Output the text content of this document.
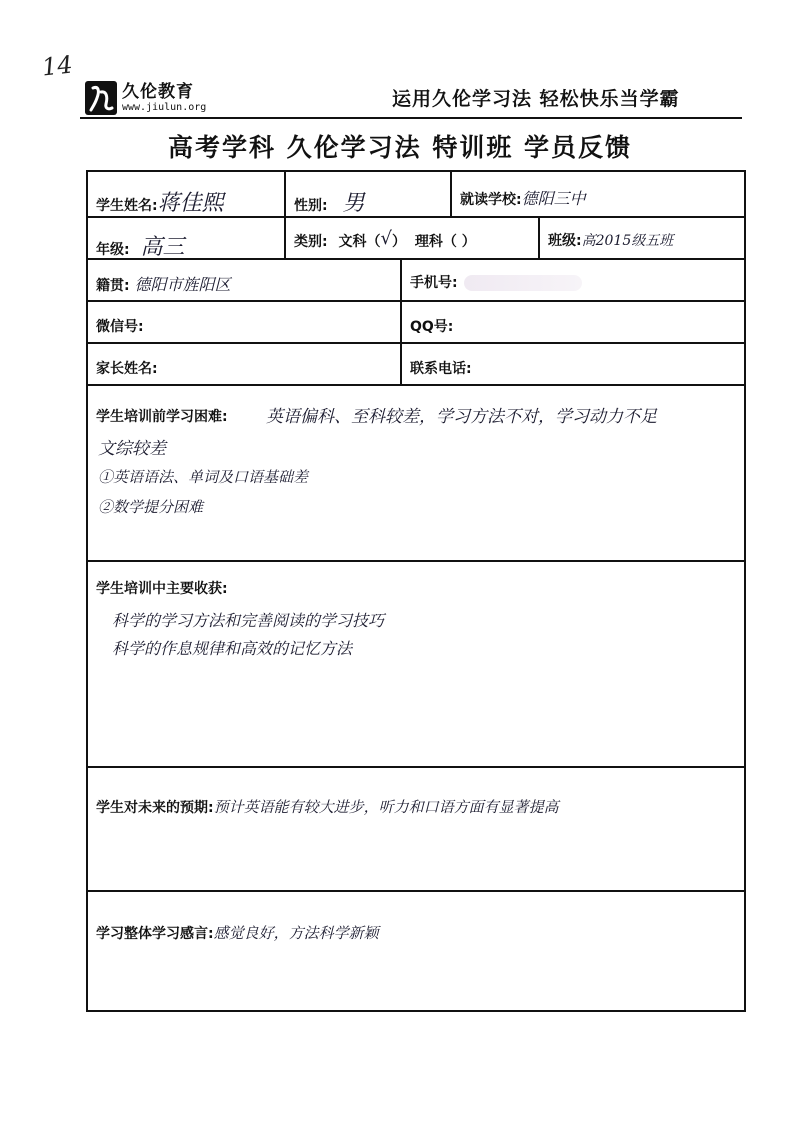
14
久伦教育
www.jiulun.org	运用久伦学习法 轻松快乐当学霸
高考学科 久伦学习法 特训班 学员反馈
学生姓名:蒋佳熙	性别: 男	就读学校:德阳三中
年级: 高三	类别: 文科（√） 理科（ ）	班级:高2015级五班
籍贯: 德阳市旌阳区	手机号:
微信号:	QQ号:
家长姓名:	联系电话:
学生培训前学习困难: 英语偏科、至科较差，学习方法不对，学习动力不足
文综较差
①英语语法、单词及口语基础差
②数学提分困难
学生培训中主要收获:
科学的学习方法和完善阅读的学习技巧
科学的作息规律和高效的记忆方法
学生对未来的预期:预计英语能有较大进步，听力和口语方面有显著提高
学习整体学习感言:感觉良好，方法科学新颖
